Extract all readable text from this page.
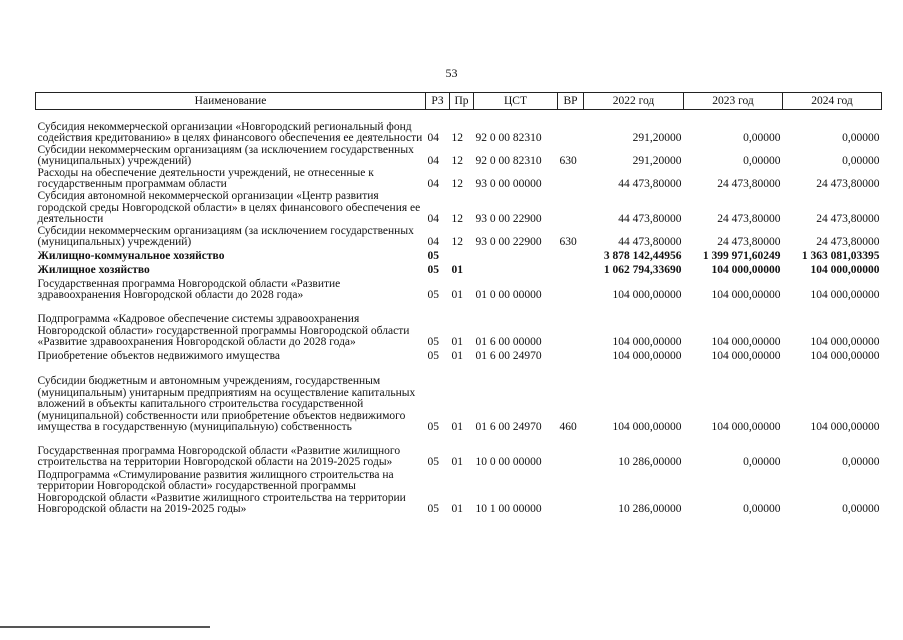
53
Наименование	РЗ	Пр	ЦСТ	ВР	2022 год	2023 год	2024 год
Субсидия некоммерческой организации «Новгородский региональный фонд содействия кредитованию» в целях финансового обеспечения ее деятельности	04	12	92 0 00 82310		291,20000	0,00000	0,00000
Субсидии некоммерческим организациям (за исключением государственных (муниципальных) учреждений)	04	12	92 0 00 82310	630	291,20000	0,00000	0,00000
Расходы на обеспечение деятельности учреждений, не отнесенные к государственным программам области	04	12	93 0 00 00000		44 473,80000	24 473,80000	24 473,80000
Субсидия автономной некоммерческой организации «Центр развития городской среды Новгородской области» в целях финансового обеспечения ее деятельности	04	12	93 0 00 22900		44 473,80000	24 473,80000	24 473,80000
Субсидии некоммерческим организациям (за исключением государственных (муниципальных) учреждений)	04	12	93 0 00 22900	630	44 473,80000	24 473,80000	24 473,80000
Жилищно-коммунальное хозяйство	05				3 878 142,44956	1 399 971,60249	1 363 081,03395
Жилищное хозяйство	05	01			1 062 794,33690	104 000,00000	104 000,00000
Государственная программа Новгородской области «Развитие здравоохранения Новгородской области до 2028 года»	05	01	01 0 00 00000		104 000,00000	104 000,00000	104 000,00000
Подпрограмма «Кадровое обеспечение системы здравоохранения Новгородской области» государственной программы Новгородской области «Развитие здравоохранения Новгородской области до 2028 года»	05	01	01 6 00 00000		104 000,00000	104 000,00000	104 000,00000
Приобретение объектов недвижимого имущества	05	01	01 6 00 24970		104 000,00000	104 000,00000	104 000,00000
Субсидии бюджетным и автономным учреждениям, государственным (муниципальным) унитарным предприятиям на осуществление капитальных вложений в объекты капитального строительства государственной (муниципальной) собственности или приобретение объектов недвижимого имущества в государственную (муниципальную) собственность	05	01	01 6 00 24970	460	104 000,00000	104 000,00000	104 000,00000
Государственная программа Новгородской области «Развитие жилищного строительства на территории Новгородской области на 2019-2025 годы»	05	01	10 0 00 00000		10 286,00000	0,00000	0,00000
Подпрограмма «Стимулирование развития жилищного строительства на территории Новгородской области» государственной программы Новгородской области «Развитие жилищного строительства на территории Новгородской области на 2019-2025 годы»	05	01	10 1 00 00000		10 286,00000	0,00000	0,00000
